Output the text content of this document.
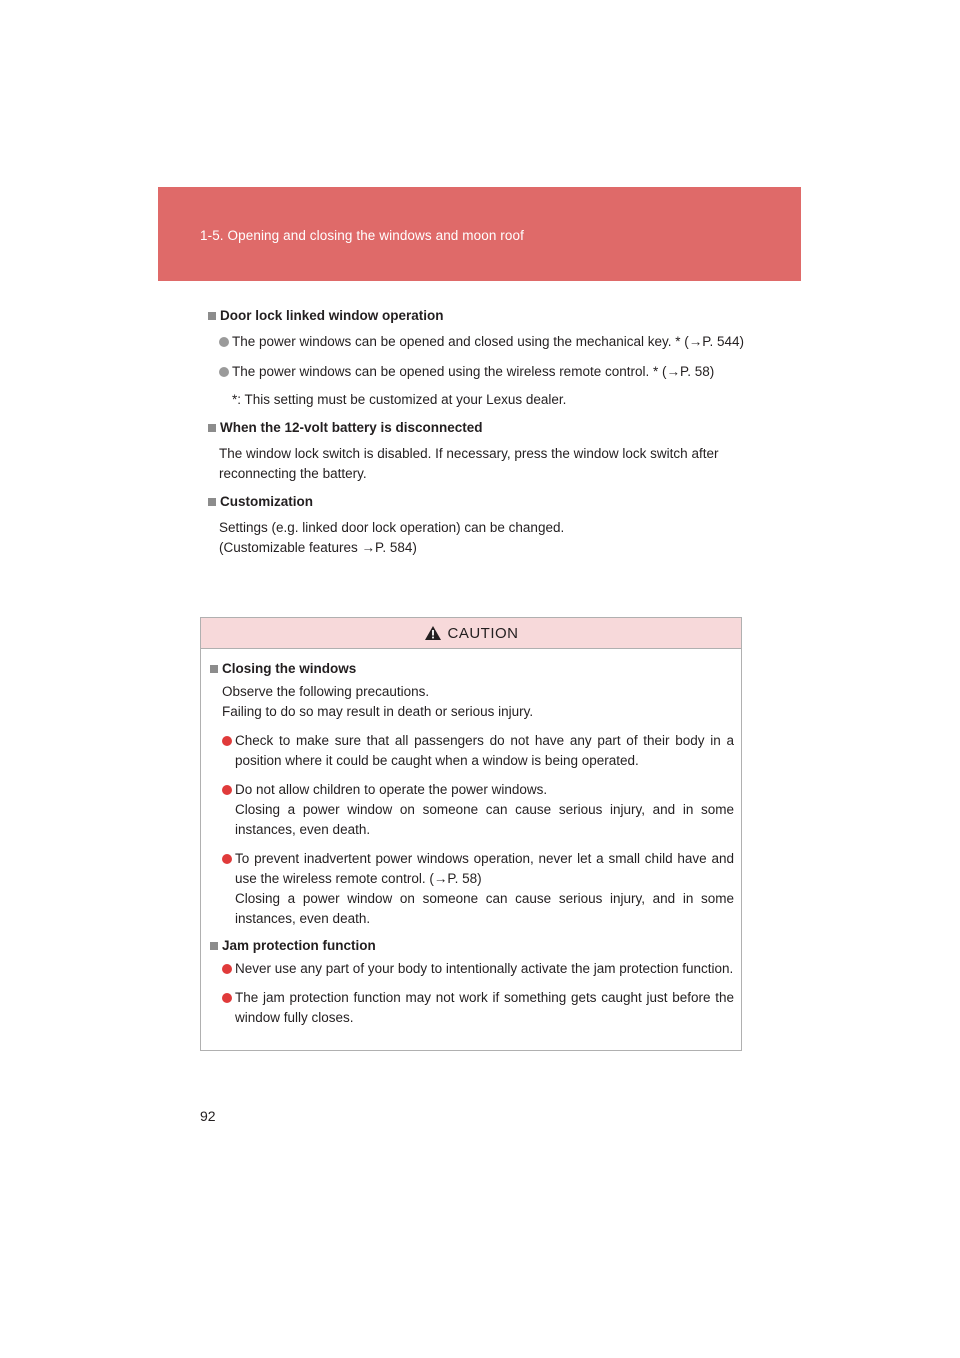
1-5. Opening and closing the windows and moon roof
Door lock linked window operation
The power windows can be opened and closed using the mechanical key. * (→P. 544)
The power windows can be opened using the wireless remote control. * (→P. 58)
*: This setting must be customized at your Lexus dealer.
When the 12-volt battery is disconnected
The window lock switch is disabled. If necessary, press the window lock switch after reconnecting the battery.
Customization
Settings (e.g. linked door lock operation) can be changed.
(Customizable features →P. 584)
CAUTION
Closing the windows
Observe the following precautions.
Failing to do so may result in death or serious injury.
Check to make sure that all passengers do not have any part of their body in a position where it could be caught when a window is being operated.
Do not allow children to operate the power windows.
Closing a power window on someone can cause serious injury, and in some instances, even death.
To prevent inadvertent power windows operation, never let a small child have and use the wireless remote control. (→P. 58)
Closing a power window on someone can cause serious injury, and in some instances, even death.
Jam protection function
Never use any part of your body to intentionally activate the jam protection function.
The jam protection function may not work if something gets caught just before the window fully closes.
92
